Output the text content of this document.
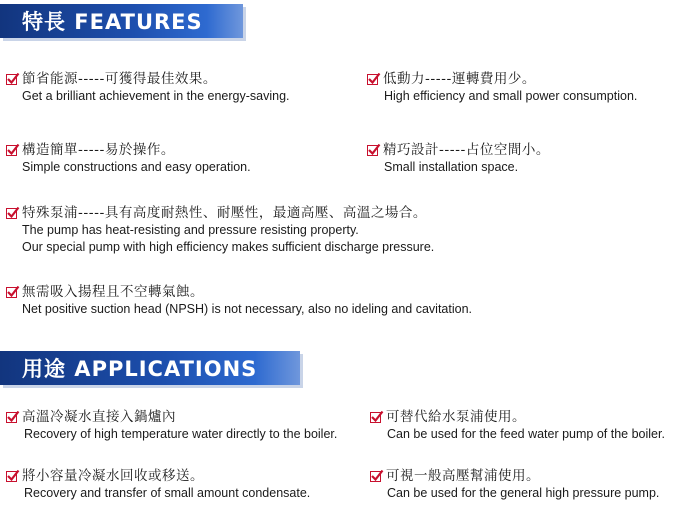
特長 FEATURES
節省能源-----可獲得最佳效果。
Get a brilliant achievement in the energy-saving.
低動力-----運轉費用少。
High efficiency and small power consumption.
構造簡單-----易於操作。
Simple constructions and easy operation.
精巧設計-----占位空間小。
Small installation space.
特殊泵浦-----具有高度耐熱性、耐壓性，最適高壓、高溫之場合。
The pump has heat-resisting and pressure resisting property.
Our special pump with high efficiency makes sufficient discharge pressure.
無需吸入揚程且不空轉氣蝕。
Net positive suction head (NPSH) is not necessary, also no ideling and cavitation.
用途 APPLICATIONS
高溫冷凝水直接入鍋爐內
Recovery of high temperature water directly to the boiler.
可替代給水泵浦使用。
Can be used for the feed water pump of the boiler.
將小容量冷凝水回收或移送。
Recovery and transfer of small amount condensate.
可視一般高壓幫浦使用。
Can be used for the general high pressure pump.
